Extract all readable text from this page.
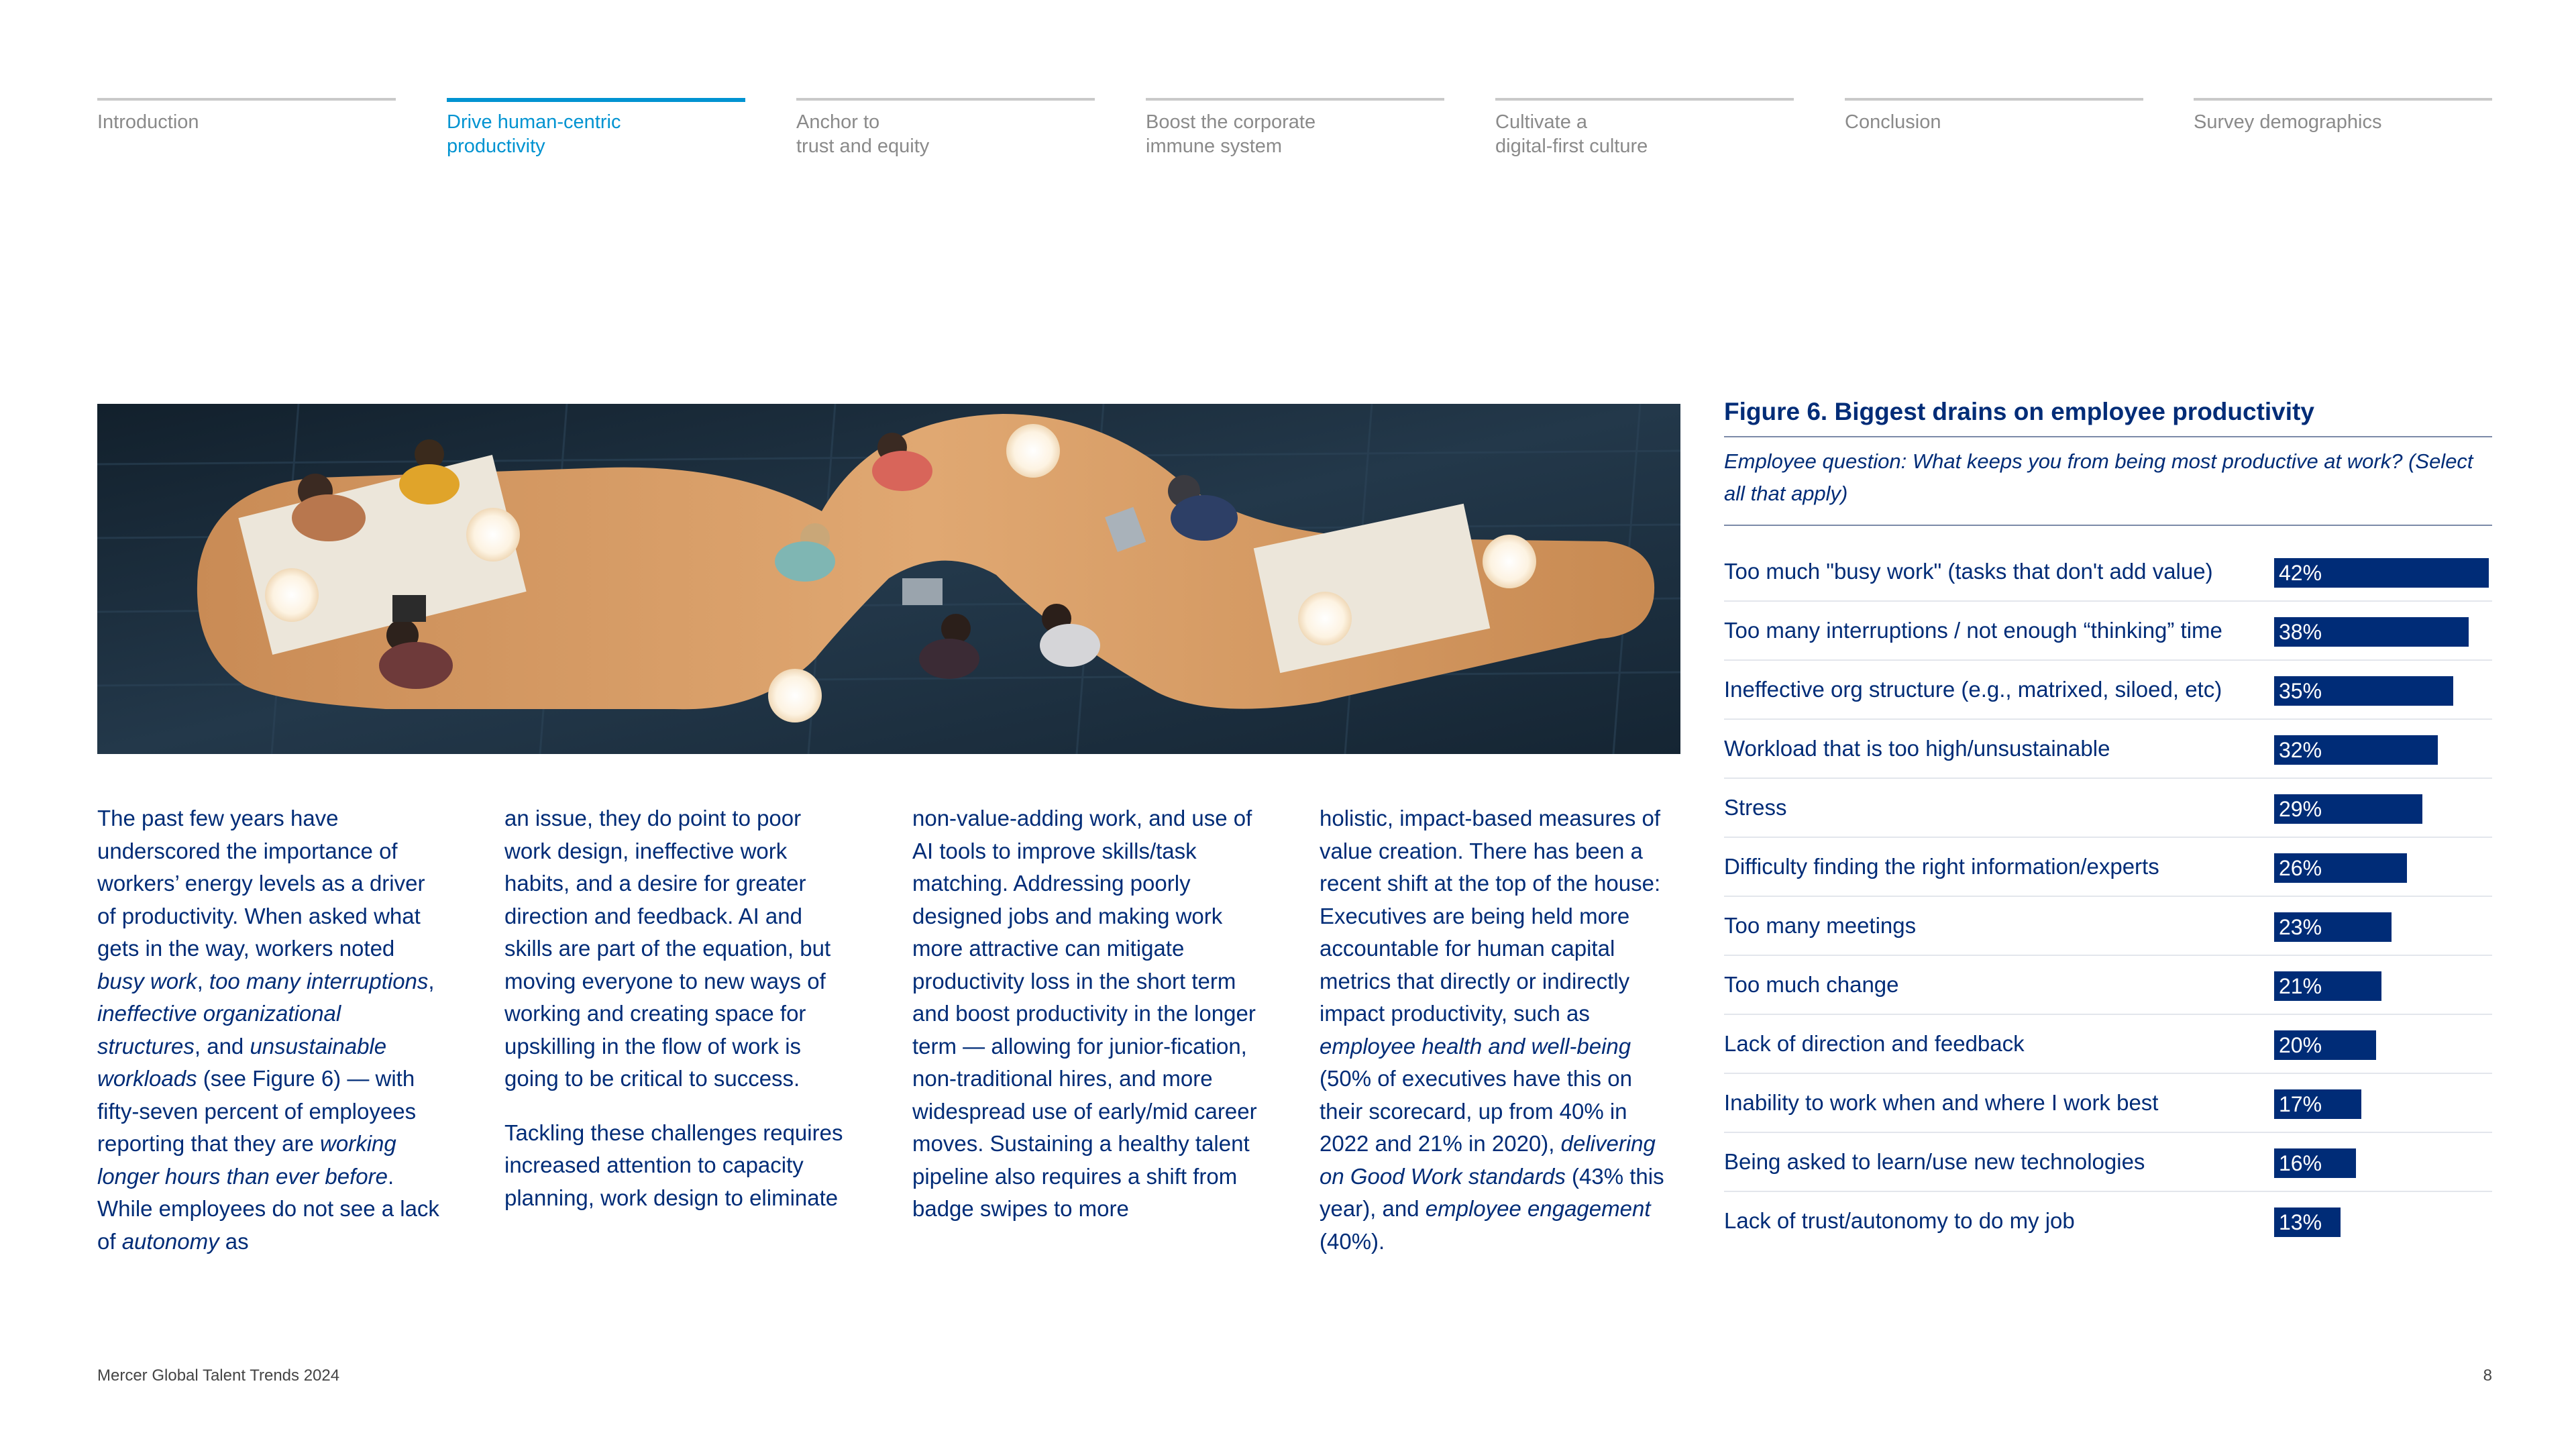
Introduction	Drive human-centric
productivity
Anchor to
trust and equity
Boost the corporate
immune system
Cultivate a
digital-first culture
Conclusion	Survey demographics

The past few years have underscored the importance of workers’ energy levels as a driver of productivity. When asked what gets in the way, workers noted busy work, too many interruptions, ineffective organizational structures, and unsustainable workloads (see Figure 6) — with fifty-seven percent of employees reporting that they are working longer hours than ever before. While employees do not see a lack of autonomy as

an issue, they do point to poor work design, ineffective work habits, and a desire for greater direction and feedback. AI and skills are part of the equation, but moving everyone to new ways of working and creating space for upskilling in the flow of work is going to be critical to success.

Tackling these challenges requires increased attention to capacity planning, work design to eliminate

non-value-adding work, and use of AI tools to improve skills/task matching. Addressing poorly designed jobs and making work more attractive can mitigate productivity loss in the short term and boost productivity in the longer term — allowing for junior-fication, non-traditional hires, and more widespread use of early/mid career moves. Sustaining a healthy talent pipeline also requires a shift from badge swipes to more

holistic, impact-based measures of value creation. There has been a recent shift at the top of the house: Executives are being held more accountable for human capital metrics that directly or indirectly impact productivity, such as employee health and well-being (50% of executives have this on their scorecard, up from 40% in 2022 and 21% in 2020), delivering on Good Work standards (43% this year), and employee engagement (40%).

Figure 6. Biggest drains on employee productivity
Employee question: What keeps you from being most productive at work? (Select all that apply)
Too much "busy work" (tasks that don't add value)	42%
Too many interruptions / not enough “thinking” time	38%
Ineffective org structure (e.g., matrixed, siloed, etc)	35%
Workload that is too high/unsustainable	32%
Stress	29%
Difficulty finding the right information/experts	26%
Too many meetings	23%
Too much change	21%
Lack of direction and feedback	20%
Inability to work when and where I work best	17%
Being asked to learn/use new technologies	16%
Lack of trust/autonomy to do my job	13%
Mercer Global Talent Trends 2024	8
